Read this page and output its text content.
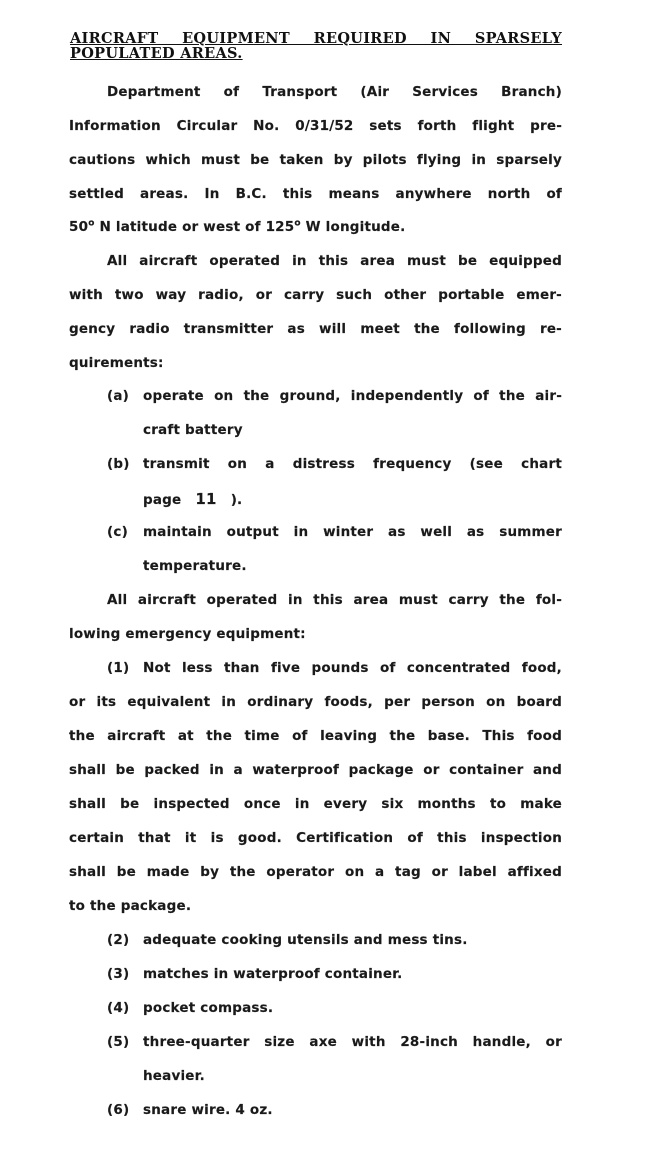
AIRCRAFT EQUIPMENT REQUIRED IN SPARSELY
POPULATED AREAS.
Department of Transport (Air Services Branch)
Information Circular No. 0/31/52 sets forth flight pre-
cautions which must be taken by pilots flying in sparsely
settled areas. In B.C. this means anywhere north of
50$^o$ N latitude or west of 125$^o$ W longitude.
All aircraft operated in this area must be equipped
with two way radio, or carry such other portable emer-
gency radio transmitter as will meet the following re-
quirements:
(a)	operate on the ground, independently of the air-
craft battery
(b) transmit on a distress frequency (see chart
page 11 ).
(c)	maintain output in winter as well as summer
temperature.
All aircraft operated in this area must carry the fol-
lowing emergency equipment:
(1)	Not less than five pounds of concentrated food,
or its equivalent in ordinary foods, per person on board
the aircraft at the time of leaving the base. This food
shall be packed in a waterproof package or container and
shall be inspected once in every six months to make
certain that it is good. Certification of this inspection
shall be made by the operator on a tag or label affixed
to the package.
(2) adequate cooking utensils and mess tins.
(3) matches in waterproof container.
(4) pocket compass.
(5)	three-quarter size axe with 28-inch handle, or
heavier.
(6) snare wire. 4 oz.
